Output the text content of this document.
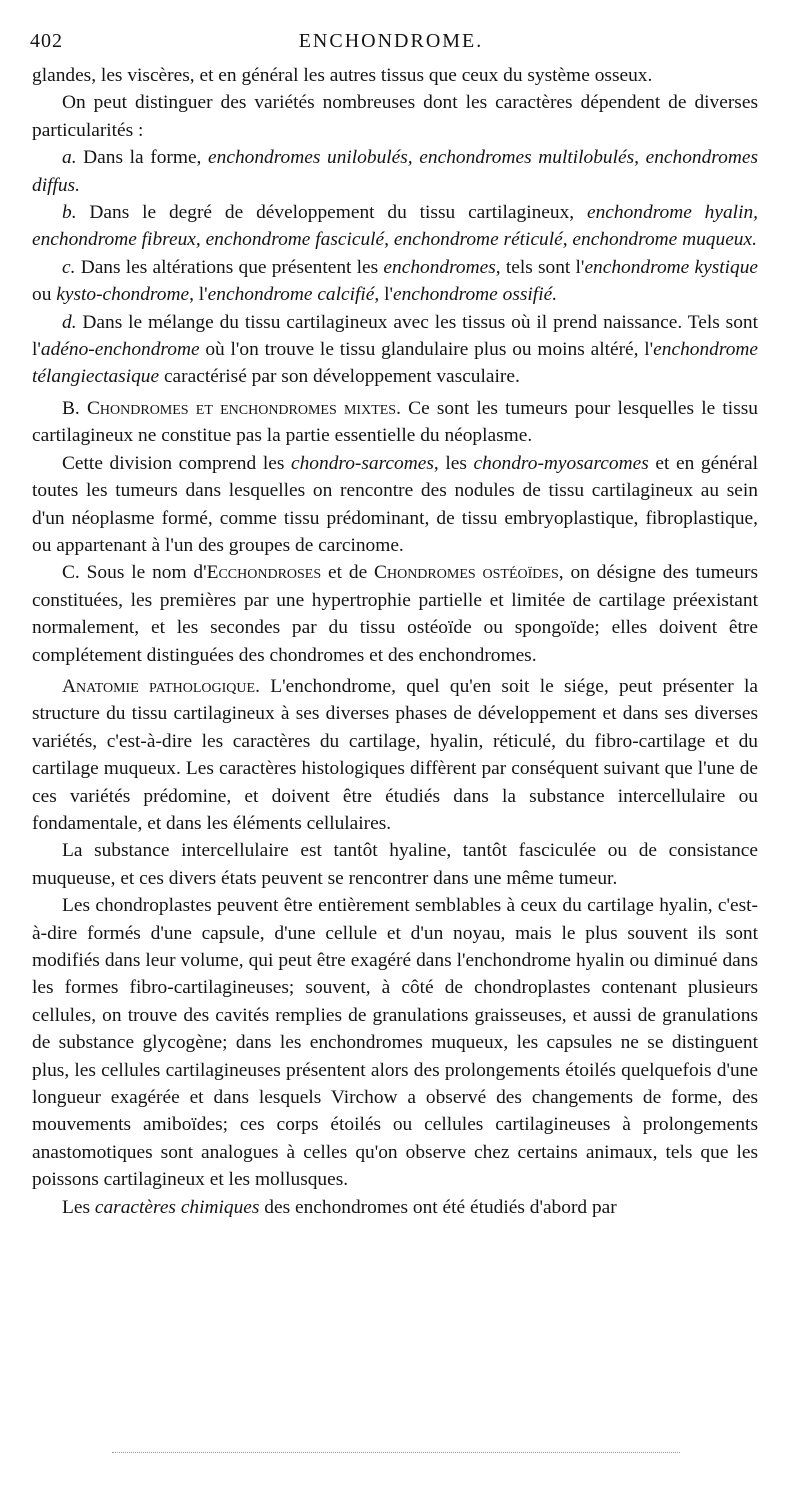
402	ENCHONDROME.

glandes, les viscères, et en général les autres tissus que ceux du système osseux.

On peut distinguer des variétés nombreuses dont les caractères dépendent de diverses particularités :

a. Dans la forme, enchondromes unilobulés, enchondromes multilobulés, enchondromes diffus.

b. Dans le degré de développement du tissu cartilagineux, enchondrome hyalin, enchondrome fibreux, enchondrome fasciculé, enchondrome réticulé, enchondrome muqueux.

c. Dans les altérations que présentent les enchondromes, tels sont l'enchondrome kystique ou kysto-chondrome, l'enchondrome calcifié, l'enchondrome ossifié.

d. Dans le mélange du tissu cartilagineux avec les tissus où il prend naissance. Tels sont l'adéno-enchondrome où l'on trouve le tissu glandulaire plus ou moins altéré, l'enchondrome télangiectasique caractérisé par son développement vasculaire.

B. Chondromes et enchondromes mixtes. Ce sont les tumeurs pour lesquelles le tissu cartilagineux ne constitue pas la partie essentielle du néoplasme.

Cette division comprend les chondro-sarcomes, les chondro-myosarcomes et en général toutes les tumeurs dans lesquelles on rencontre des nodules de tissu cartilagineux au sein d'un néoplasme formé, comme tissu prédominant, de tissu embryoplastique, fibroplastique, ou appartenant à l'un des groupes de carcinome.

C. Sous le nom d'Ecchondroses et de Chondromes ostéoïdes, on désigne des tumeurs constituées, les premières par une hypertrophie partielle et limitée de cartilage préexistant normalement, et les secondes par du tissu ostéoïde ou spongoïde; elles doivent être complétement distinguées des chondromes et des enchondromes.

Anatomie pathologique. L'enchondrome, quel qu'en soit le siége, peut présenter la structure du tissu cartilagineux à ses diverses phases de développement et dans ses diverses variétés, c'est-à-dire les caractères du cartilage, hyalin, réticulé, du fibro-cartilage et du cartilage muqueux. Les caractères histologiques diffèrent par conséquent suivant que l'une de ces variétés prédomine, et doivent être étudiés dans la substance intercellulaire ou fondamentale, et dans les éléments cellulaires.

La substance intercellulaire est tantôt hyaline, tantôt fasciculée ou de consistance muqueuse, et ces divers états peuvent se rencontrer dans une même tumeur.

Les chondroplastes peuvent être entièrement semblables à ceux du cartilage hyalin, c'est-à-dire formés d'une capsule, d'une cellule et d'un noyau, mais le plus souvent ils sont modifiés dans leur volume, qui peut être exagéré dans l'enchondrome hyalin ou diminué dans les formes fibro-cartilagineuses; souvent, à côté de chondroplastes contenant plusieurs cellules, on trouve des cavités remplies de granulations graisseuses, et aussi de granulations de substance glycogène; dans les enchondromes muqueux, les capsules ne se distinguent plus, les cellules cartilagineuses présentent alors des prolongements étoilés quelquefois d'une longueur exagérée et dans lesquels Virchow a observé des changements de forme, des mouvements amiboïdes; ces corps étoilés ou cellules cartilagineuses à prolongements anastomotiques sont analogues à celles qu'on observe chez certains animaux, tels que les poissons cartilagineux et les mollusques.

Les caractères chimiques des enchondromes ont été étudiés d'abord par
